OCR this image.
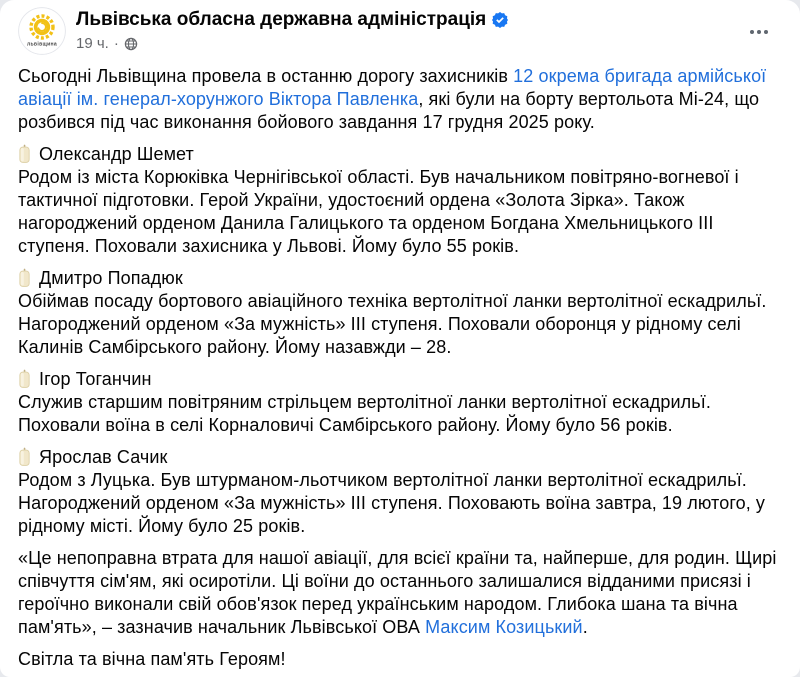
львівщина
Львівська обласна державна адміністрація
19 ч. ·

Сьогодні Львівщина провела в останню дорогу захисників 12 окрема бригада армійської авіації ім. генерал-хорунжого Віктора Павленка, які були на борту вертольота Мі-24, що розбився під час виконання бойового завдання 17 грудня 2025 року.

Олександр Шемет
Родом із міста Корюківка Чернігівської області. Був начальником повітряно-вогневої і тактичної підготовки. Герой України, удостоєний ордена «Золота Зірка». Також нагороджений орденом Данила Галицького та орденом Богдана Хмельницького ІІІ ступеня. Поховали захисника у Львові. Йому було 55 років.

Дмитро Попадюк
Обіймав посаду бортового авіаційного техніка вертолітної ланки вертолітної ескадрильї. Нагороджений орденом «За мужність» ІІІ ступеня. Поховали оборонця у рідному селі Калинів Самбірського району. Йому назавжди – 28.

Ігор Тоганчин
Служив старшим повітряним стрільцем вертолітної ланки вертолітної ескадрильї. Поховали воїна в селі Корналовичі Самбірського району. Йому було 56 років.

Ярослав Сачик
Родом з Луцька. Був штурманом-льотчиком вертолітної ланки вертолітної ескадрильї. Нагороджений орденом «За мужність» ІІІ ступеня. Поховають воїна завтра, 19 лютого, у рідному місті. Йому було 25 років.

«Це непоправна втрата для нашої авіації, для всієї країни та, найперше, для родин. Щирі співчуття сім'ям, які осиротіли. Ці воїни до останнього залишалися відданими присязі і героїчно виконали свій обов'язок перед українським народом. Глибока шана та вічна пам'ять», – зазначив начальник Львівської ОВА Максим Козицький.

Світла та вічна пам'ять Героям!
